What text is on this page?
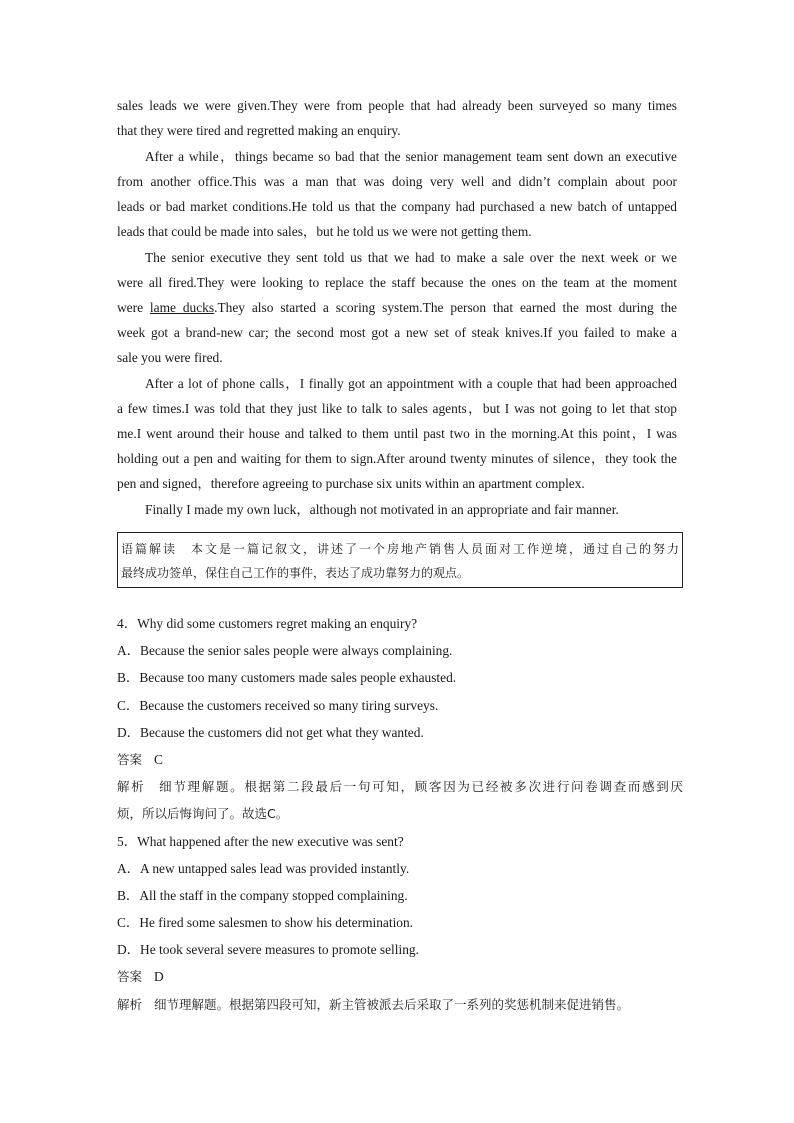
sales leads we were given.They were from people that had already been surveyed so many times
that they were tired and regretted making an enquiry.
After a while，things became so bad that the senior management team sent down an executive
from another office.This was a man that was doing very well and didn’t complain about poor
leads or bad market conditions.He told us that the company had purchased a new batch of untapped
leads that could be made into sales，but he told us we were not getting them.
The senior executive they sent told us that we had to make a sale over the next week or we
were all fired.They were looking to replace the staff because the ones on the team at the moment
were lame ducks.They also started a scoring system.The person that earned the most during the
week got a brand-new car; the second most got a new set of steak knives.If you failed to make a
sale you were fired.
After a lot of phone calls，I finally got an appointment with a couple that had been approached
a few times.I was told that they just like to talk to sales agents，but I was not going to let that stop
me.I went around their house and talked to them until past two in the morning.At this point，I was
holding out a pen and waiting for them to sign.After around twenty minutes of silence，they took the
pen and signed，therefore agreeing to purchase six units within an apartment complex.
Finally I made my own luck，although not motivated in an appropriate and fair manner.
语篇解读 本文是一篇记叙文，讲述了一个房地产销售人员面对工作逆境，通过自己的努力
最终成功签单，保住自己工作的事件，表达了成功靠努力的观点。
4．Why did some customers regret making an enquiry?
A．Because the senior sales people were always complaining.
B．Because too many customers made sales people exhausted.
C．Because the customers received so many tiring surveys.
D．Because the customers did not get what they wanted.
答案 C
解析 细节理解题。根据第二段最后一句可知，顾客因为已经被多次进行问卷调查而感到厌
烦，所以后悔询问了。故选C。
5．What happened after the new executive was sent?
A．A new untapped sales lead was provided instantly.
B．All the staff in the company stopped complaining.
C．He fired some salesmen to show his determination.
D．He took several severe measures to promote selling.
答案 D
解析 细节理解题。根据第四段可知，新主管被派去后采取了一系列的奖惩机制来促进销售。
